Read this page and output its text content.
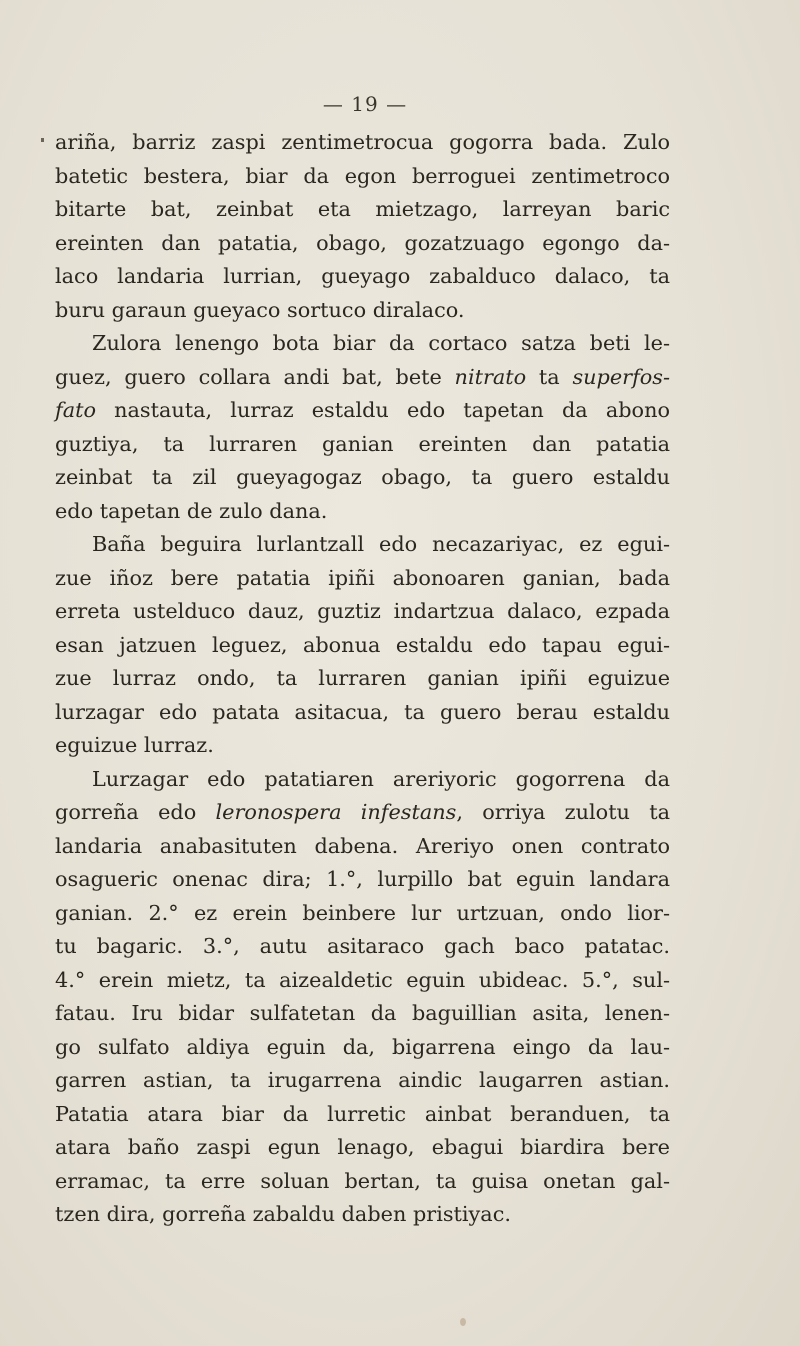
— 19 —
ariña, barriz zaspi zentimetrocua gogorra bada. Zulo
batetic bestera, biar da egon berroguei zentimetroco
bitarte bat, zeinbat eta mietzago, larreyan baric
ereinten dan patatia, obago, gozatzuago egongo da-
laco landaria lurrian, gueyago zabalduco dalaco, ta
buru garaun gueyaco sortuco diralaco.
Zulora lenengo bota biar da cortaco satza beti le-
guez, guero collara andi bat, bete nitrato ta superfos-
fato nastauta, lurraz estaldu edo tapetan da abono
guztiya, ta lurraren ganian ereinten dan patatia
zeinbat ta zil gueyagogaz obago, ta guero estaldu
edo tapetan de zulo dana.
Baña beguira lurlantzall edo necazariyac, ez egui-
zue iñoz bere patatia ipiñi abonoaren ganian, bada
erreta ustelduco dauz, guztiz indartzua dalaco, ezpada
esan jatzuen leguez, abonua estaldu edo tapau egui-
zue lurraz ondo, ta lurraren ganian ipiñi eguizue
lurzagar edo patata asitacua, ta guero berau estaldu
eguizue lurraz.
Lurzagar edo patatiaren areriyoric gogorrena da
gorreña edo leronospera infestans, orriya zulotu ta
landaria anabasituten dabena. Areriyo onen contrato
osagueric onenac dira; 1.°, lurpillo bat eguin landara
ganian. 2.° ez erein beinbere lur urtzuan, ondo lior-
tu bagaric. 3.°, autu asitaraco gach baco patatac.
4.° erein mietz, ta aizealdetic eguin ubideac. 5.°, sul-
fatau. Iru bidar sulfatetan da baguillian asita, lenen-
go sulfato aldiya eguin da, bigarrena eingo da lau-
garren astian, ta irugarrena aindic laugarren astian.
Patatia atara biar da lurretic ainbat beranduen, ta
atara baño zaspi egun lenago, ebagui biardira bere
erramac, ta erre soluan bertan, ta guisa onetan gal-
tzen dira, gorreña zabaldu daben pristiyac.
